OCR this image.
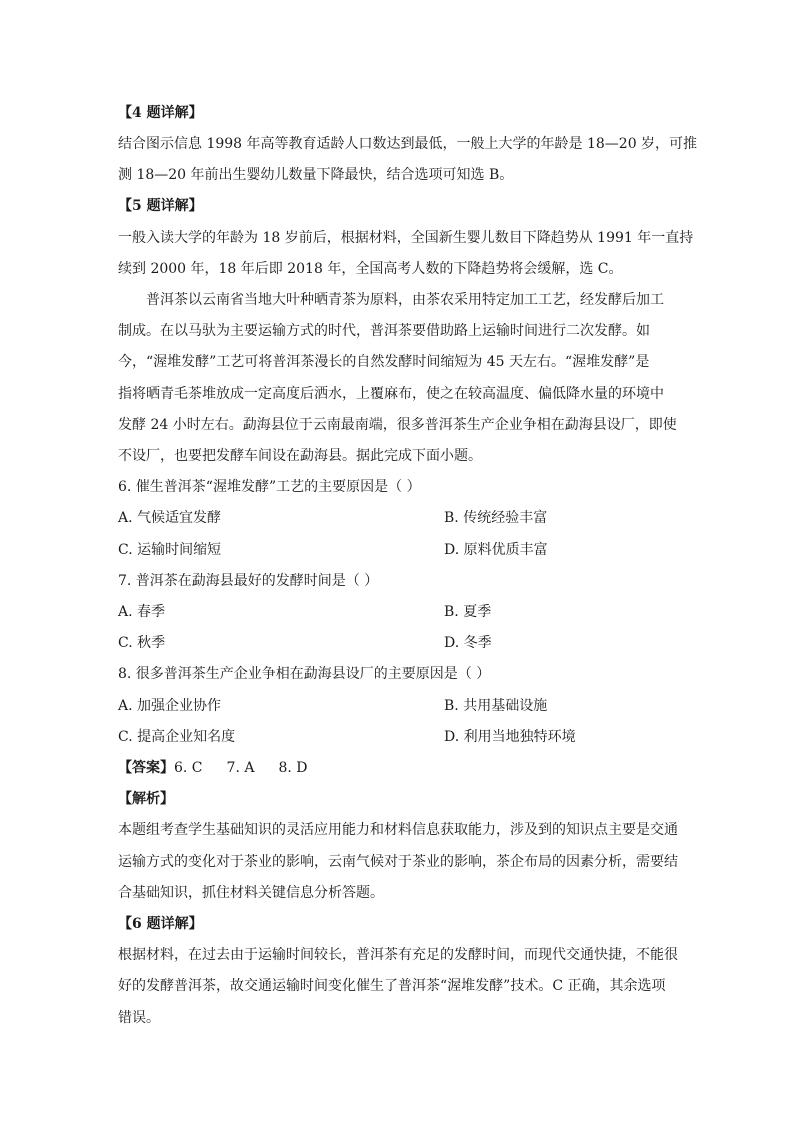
【4 题详解】
结合图示信息 1998 年高等教育适龄人口数达到最低，一般上大学的年龄是 18—20 岁，可推
测 18—20 年前出生婴幼儿数量下降最快，结合选项可知选 B。
【5 题详解】
一般入读大学的年龄为 18 岁前后，根据材料，全国新生婴儿数目下降趋势从 1991 年一直持
续到 2000 年，18 年后即 2018 年，全国高考人数的下降趋势将会缓解，选 C。
普洱茶以云南省当地大叶种晒青茶为原料，由茶农采用特定加工工艺，经发酵后加工
制成。在以马驮为主要运输方式的时代，普洱茶要借助路上运输时间进行二次发酵。如
今，“渥堆发酵”工艺可将普洱茶漫长的自然发酵时间缩短为 45 天左右。“渥堆发酵”是
指将晒青毛茶堆放成一定高度后洒水，上覆麻布，使之在较高温度、偏低降水量的环境中
发酵 24 小时左右。勐海县位于云南最南端，很多普洱茶生产企业争相在勐海县设厂，即使
不设厂，也要把发酵车间设在勐海县。据此完成下面小题。
6. 催生普洱茶“渥堆发酵”工艺的主要原因是（ ）
A. 气候适宜发酵	B. 传统经验丰富
C. 运输时间缩短	D. 原料优质丰富
7. 普洱茶在勐海县最好的发酵时间是（ ）
A. 春季	B. 夏季
C. 秋季	D. 冬季
8. 很多普洱茶生产企业争相在勐海县设厂的主要原因是（ ）
A. 加强企业协作	B. 共用基础设施
C. 提高企业知名度	D. 利用当地独特环境
【答案】6. C 7. A 8. D
【解析】
本题组考查学生基础知识的灵活应用能力和材料信息获取能力，涉及到的知识点主要是交通
运输方式的变化对于茶业的影响，云南气候对于茶业的影响，茶企布局的因素分析，需要结
合基础知识，抓住材料关键信息分析答题。
【6 题详解】
根据材料，在过去由于运输时间较长，普洱茶有充足的发酵时间，而现代交通快捷，不能很
好的发酵普洱茶，故交通运输时间变化催生了普洱茶“渥堆发酵”技术。C 正确，其余选项
错误。
